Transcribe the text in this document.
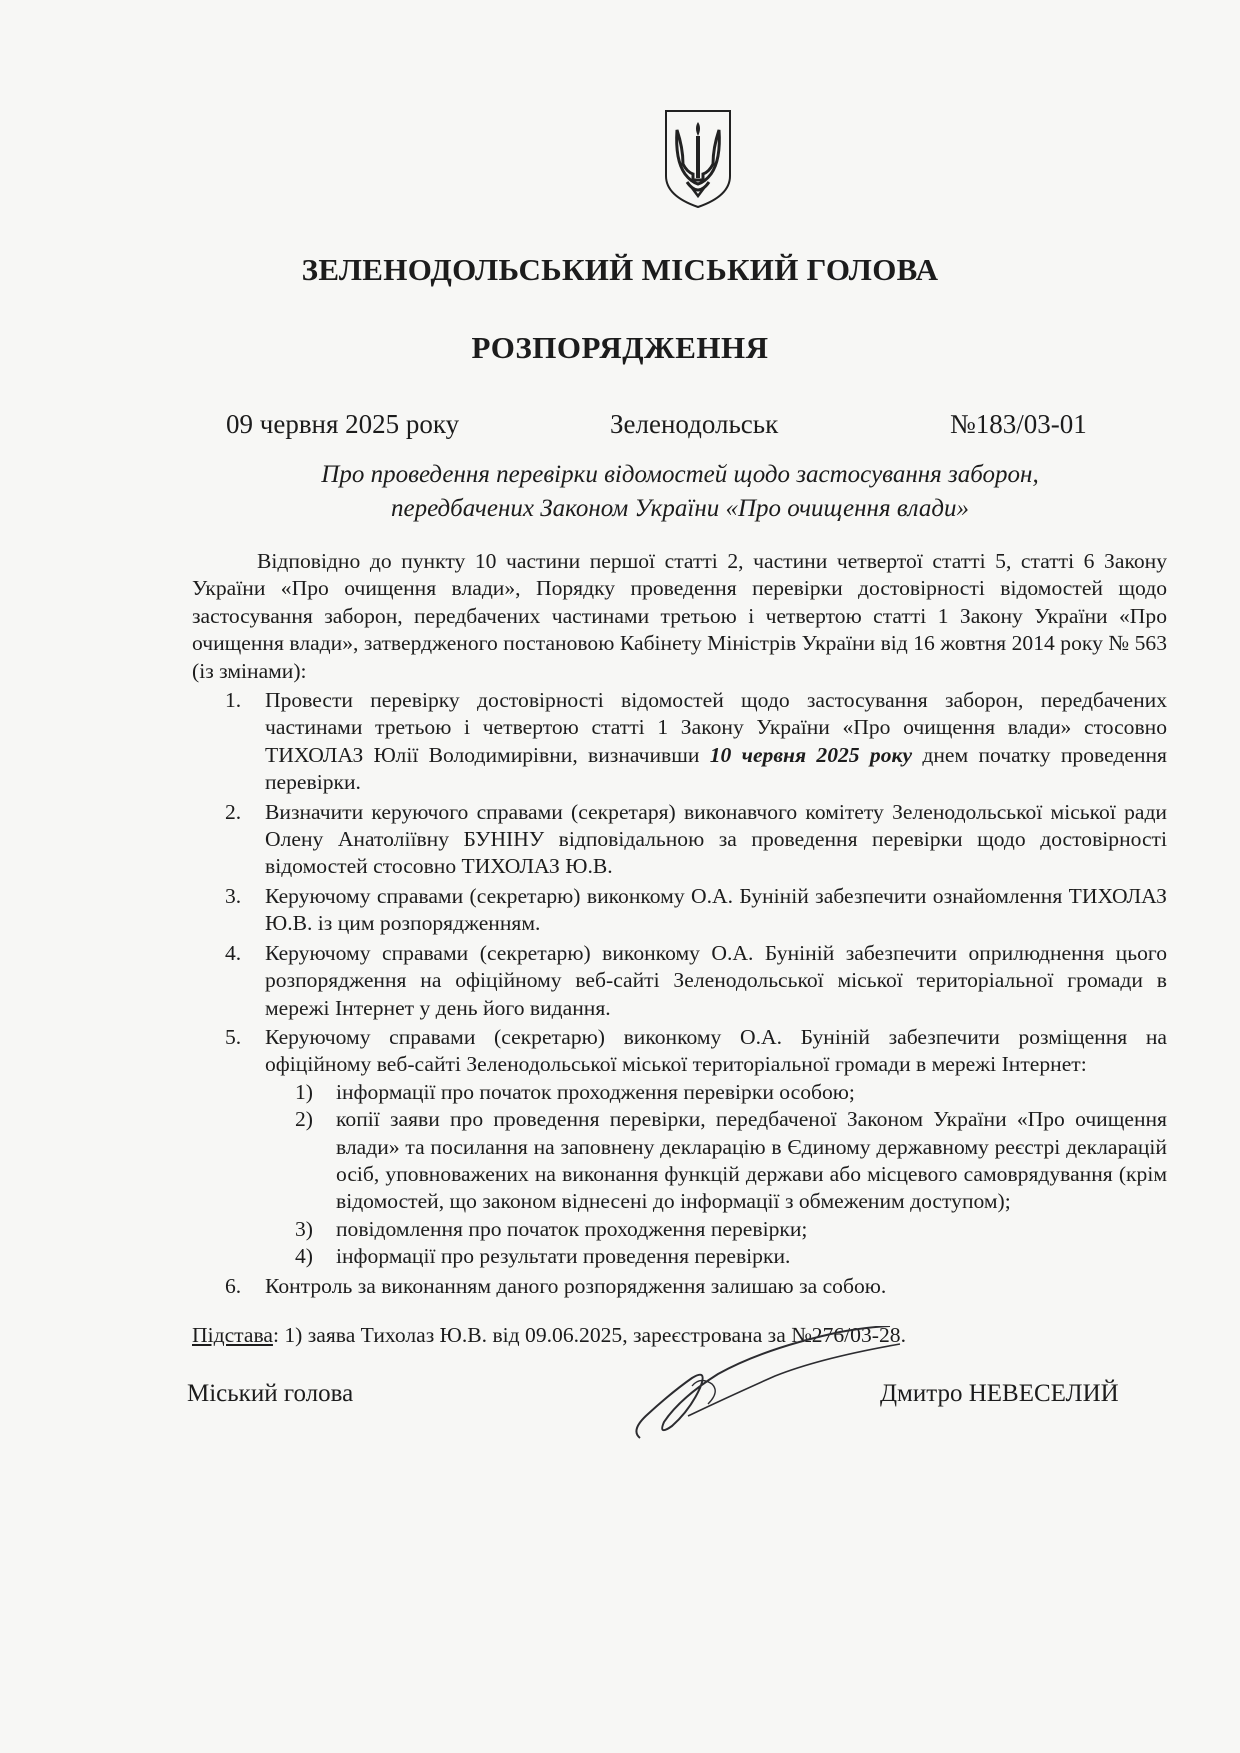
ЗЕЛЕНОДОЛЬСЬКИЙ МІСЬКИЙ ГОЛОВА
РОЗПОРЯДЖЕННЯ
09 червня 2025 року	Зеленодольськ	№183/03-01
Про проведення перевірки відомостей щодо застосування заборон,
передбачених Законом України «Про очищення влади»

Відповідно до пункту 10 частини першої статті 2, частини четвертої статті 5, статті 6 Закону України «Про очищення влади», Порядку проведення перевірки достовірності відомостей щодо застосування заборон, передбачених частинами третьою і четвертою статті 1 Закону України «Про очищення влади», затвердженого постановою Кабінету Міністрів України від 16 жовтня 2014 року № 563 (із змінами):

1. Провести перевірку достовірності відомостей щодо застосування заборон, передбачених частинами третьою і четвертою статті 1 Закону України «Про очищення влади» стосовно ТИХОЛАЗ Юлії Володимирівни, визначивши 10 червня 2025 року днем початку проведення перевірки.
2. Визначити керуючого справами (секретаря) виконавчого комітету Зеленодольської міської ради Олену Анатоліївну БУНІНУ відповідальною за проведення перевірки щодо достовірності відомостей стосовно ТИХОЛАЗ Ю.В.
3. Керуючому справами (секретарю) виконкому О.А. Буніній забезпечити ознайомлення ТИХОЛАЗ Ю.В. із цим розпорядженням.
4. Керуючому справами (секретарю) виконкому О.А. Буніній забезпечити оприлюднення цього розпорядження на офіційному веб-сайті Зеленодольської міської територіальної громади в мережі Інтернет у день його видання.
5. Керуючому справами (секретарю) виконкому О.А. Буніній забезпечити розміщення на офіційному веб-сайті Зеленодольської міської територіальної громади в мережі Інтернет:
1) інформації про початок проходження перевірки особою;
2) копії заяви про проведення перевірки, передбаченої Законом України «Про очищення влади» та посилання на заповнену декларацію в Єдиному державному реєстрі декларацій осіб, уповноважених на виконання функцій держави або місцевого самоврядування (крім відомостей, що законом віднесені до інформації з обмеженим доступом);
3) повідомлення про початок проходження перевірки;
4) інформації про результати проведення перевірки.
6. Контроль за виконанням даного розпорядження залишаю за собою.
Підстава: 1) заява Тихолаз Ю.В. від 09.06.2025, зареєстрована за №276/03-28.
Міський голова	Дмитро НЕВЕСЕЛИЙ
